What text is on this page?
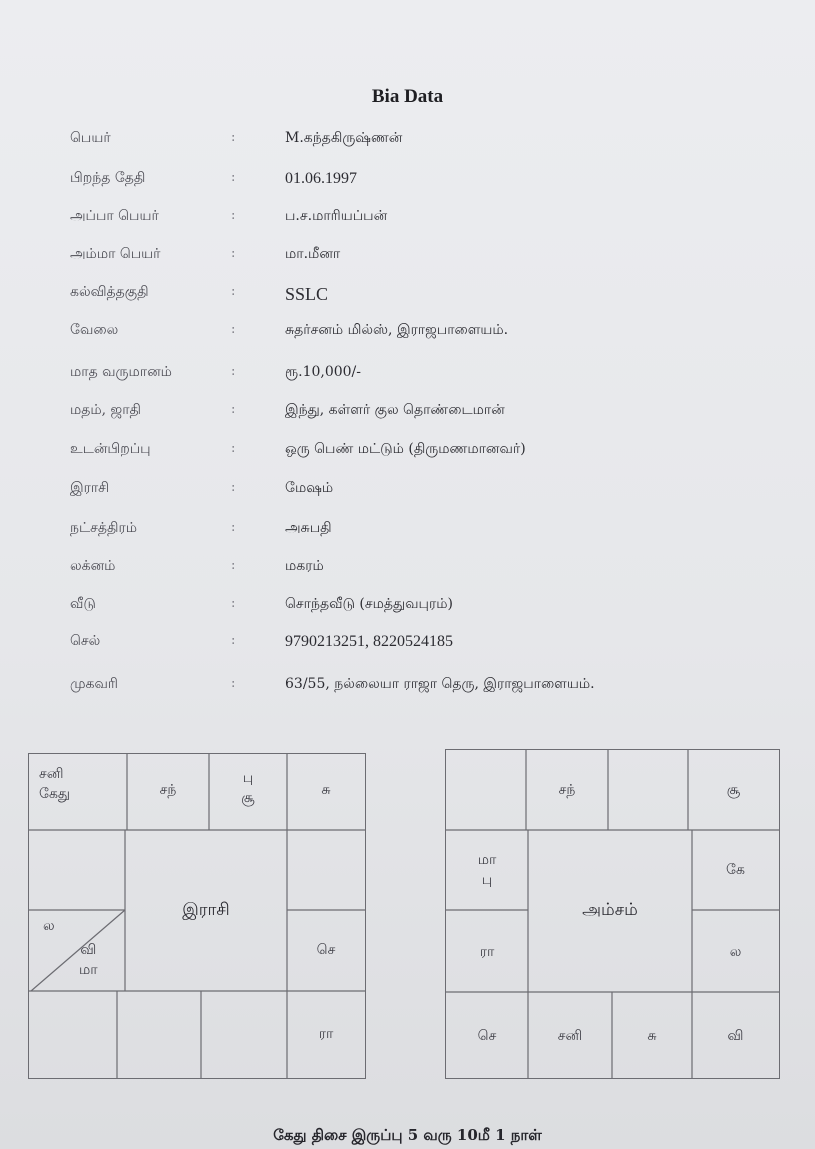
Bia Data
பெயர்	:	M.கந்தகிருஷ்ணன்
பிறந்த தேதி	:	01.06.1997
அப்பா பெயர்	:	ப.ச.மாரியப்பன்
அம்மா பெயர்	:	மா.மீனா
கல்வித்தகுதி	:	SSLC
வேலை	:	சுதர்சனம் மில்ஸ், இராஜபாளையம்.
மாத வருமானம்	:	ரூ.10,000/-
மதம், ஜாதி	:	இந்து, கள்ளர் குல தொண்டைமான்
உடன்பிறப்பு	:	ஒரு பெண் மட்டும் (திருமணமானவர்)
இராசி	:	மேஷம்
நட்சத்திரம்	:	அசுபதி
லக்னம்	:	மகரம்
வீடு	:	சொந்தவீடு (சமத்துவபுரம்)
செல்	:	9790213251, 8220524185
முகவரி	:	63/55, நல்லையா ராஜா தெரு, இராஜபாளையம்.
சனி
கேது	சந்
பு
சூ	சு
செ
ரா
ல
வி
மா
இராசி
சந்	சூ
மா
பு
கே
ரா	ல
செ	சனி	சு	வி
அம்சம்
கேது திசை இருப்பு 5 வரு 10மீ 1 நாள்
